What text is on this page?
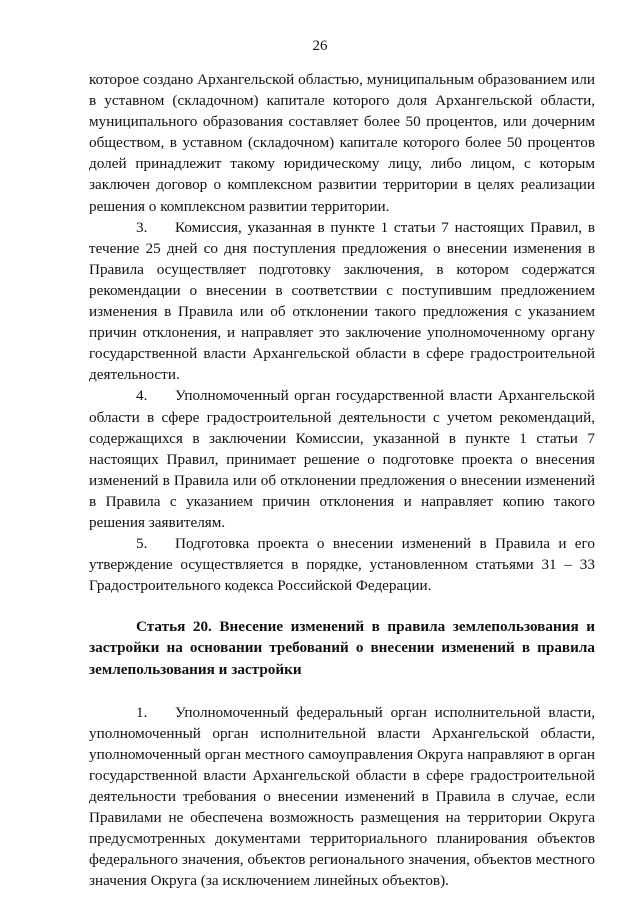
26

которое создано Архангельской областью, муниципальным образованием или в уставном (складочном) капитале которого доля Архангельской области, муниципального образования составляет более 50 процентов, или дочерним обществом, в уставном (складочном) капитале которого более 50 процентов долей принадлежит такому юридическому лицу, либо лицом, с которым заключен договор о комплексном развитии территории в целях реализации решения о комплексном развитии территории.

3. Комиссия, указанная в пункте 1 статьи 7 настоящих Правил, в течение 25 дней со дня поступления предложения о внесении изменения в Правила осуществляет подготовку заключения, в котором содержатся рекомендации о внесении в соответствии с поступившим предложением изменения в Правила или об отклонении такого предложения с указанием причин отклонения, и направляет это заключение уполномоченному органу государственной власти Архангельской области в сфере градостроительной деятельности.

4. Уполномоченный орган государственной власти Архангельской области в сфере градостроительной деятельности с учетом рекомендаций, содержащихся в заключении Комиссии, указанной в пункте 1 статьи 7 настоящих Правил, принимает решение о подготовке проекта о внесения изменений в Правила или об отклонении предложения о внесении изменений в Правила с указанием причин отклонения и направляет копию такого решения заявителям.

5. Подготовка проекта о внесении изменений в Правила и его утверждение осуществляется в порядке, установленном статьями 31 – 33 Градостроительного кодекса Российской Федерации.

Статья 20. Внесение изменений в правила землепользования и застройки на основании требований о внесении изменений в правила землепользования и застройки

1. Уполномоченный федеральный орган исполнительной власти, уполномоченный орган исполнительной власти Архангельской области, уполномоченный орган местного самоуправления Округа направляют в орган государственной власти Архангельской области в сфере градостроительной деятельности требования о внесении изменений в Правила в случае, если Правилами не обеспечена возможность размещения на территории Округа предусмотренных документами территориального планирования объектов федерального значения, объектов регионального значения, объектов местного значения Округа (за исключением линейных объектов).
